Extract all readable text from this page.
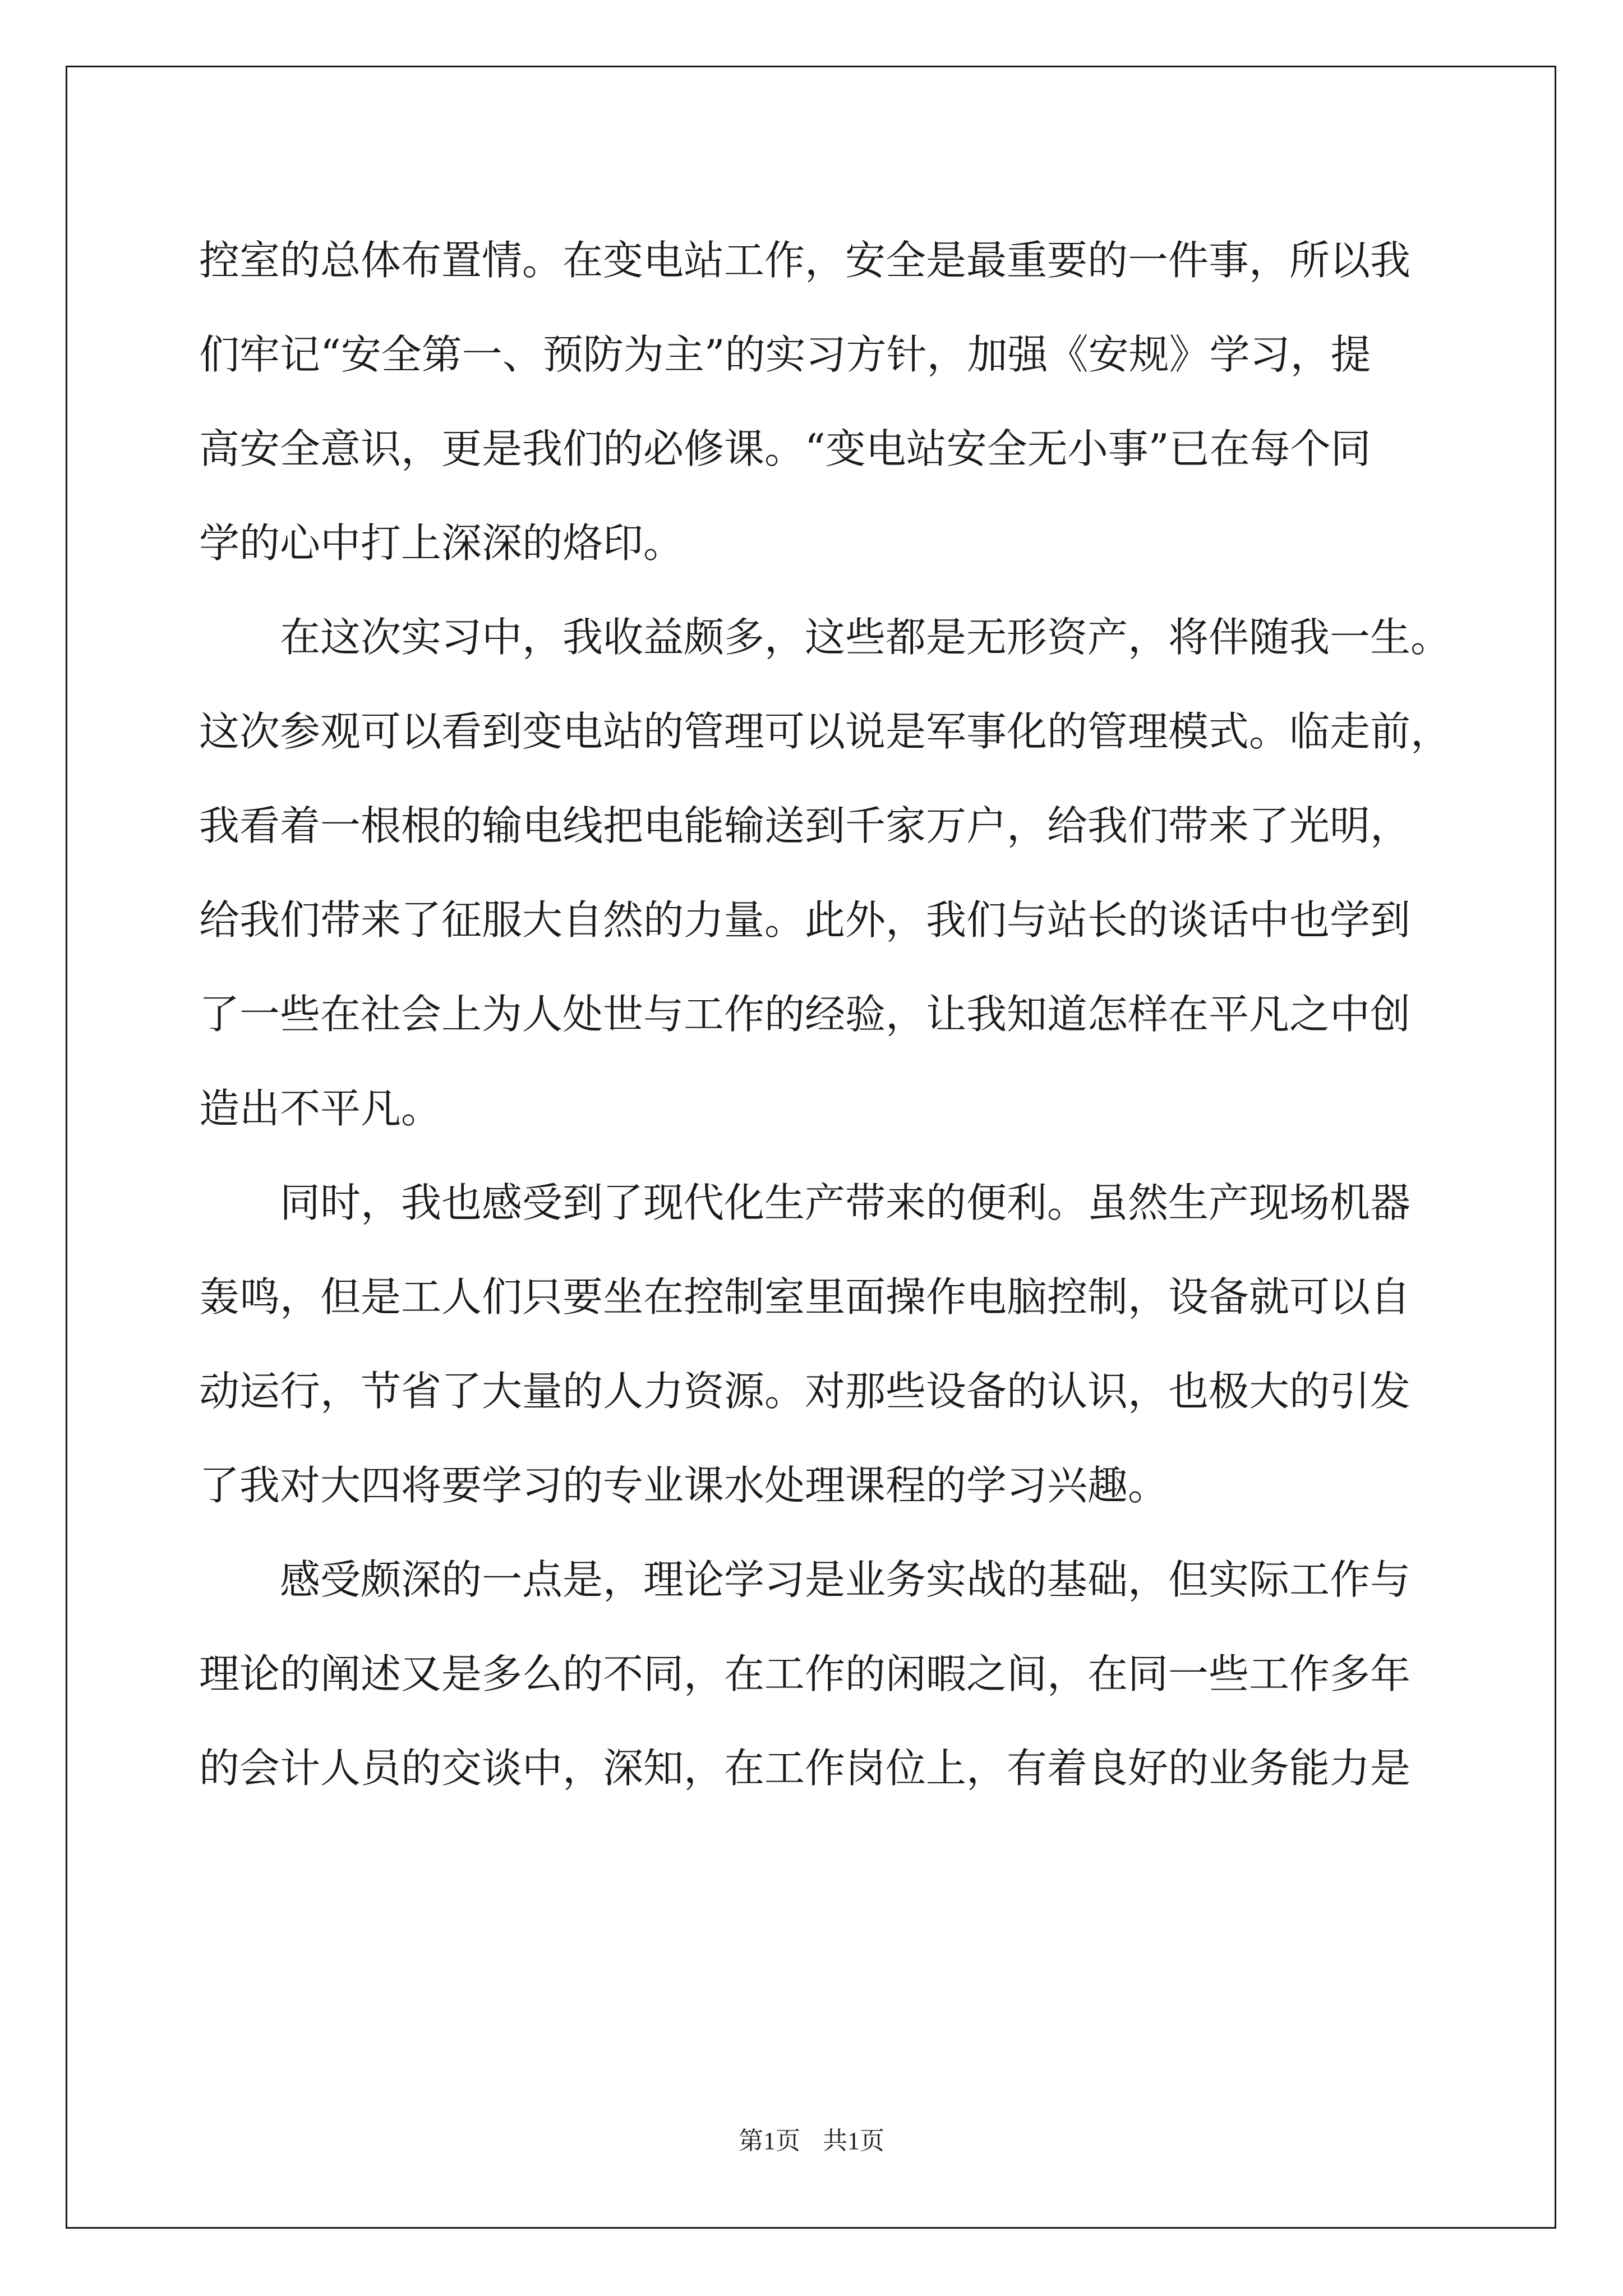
控室的总体布置情。在变电站工作，安全是最重要的一件事，所以我
们牢记“安全第一、预防为主”的实习方针，加强《安规》学习，提
高安全意识，更是我们的必修课。“变电站安全无小事”已在每个同
学的心中打上深深的烙印。
　　在这次实习中，我收益颇多，这些都是无形资产，将伴随我一生。
这次参观可以看到变电站的管理可以说是军事化的管理模式。临走前，
我看着一根根的输电线把电能输送到千家万户，给我们带来了光明，
给我们带来了征服大自然的力量。此外，我们与站长的谈话中也学到
了一些在社会上为人处世与工作的经验，让我知道怎样在平凡之中创
造出不平凡。
　　同时，我也感受到了现代化生产带来的便利。虽然生产现场机器
轰鸣，但是工人们只要坐在控制室里面操作电脑控制，设备就可以自
动运行，节省了大量的人力资源。对那些设备的认识，也极大的引发
了我对大四将要学习的专业课水处理课程的学习兴趣。
　　感受颇深的一点是，理论学习是业务实战的基础，但实际工作与
理论的阐述又是多么的不同，在工作的闲暇之间，在同一些工作多年
的会计人员的交谈中，深知，在工作岗位上，有着良好的业务能力是
第1页 共1页
